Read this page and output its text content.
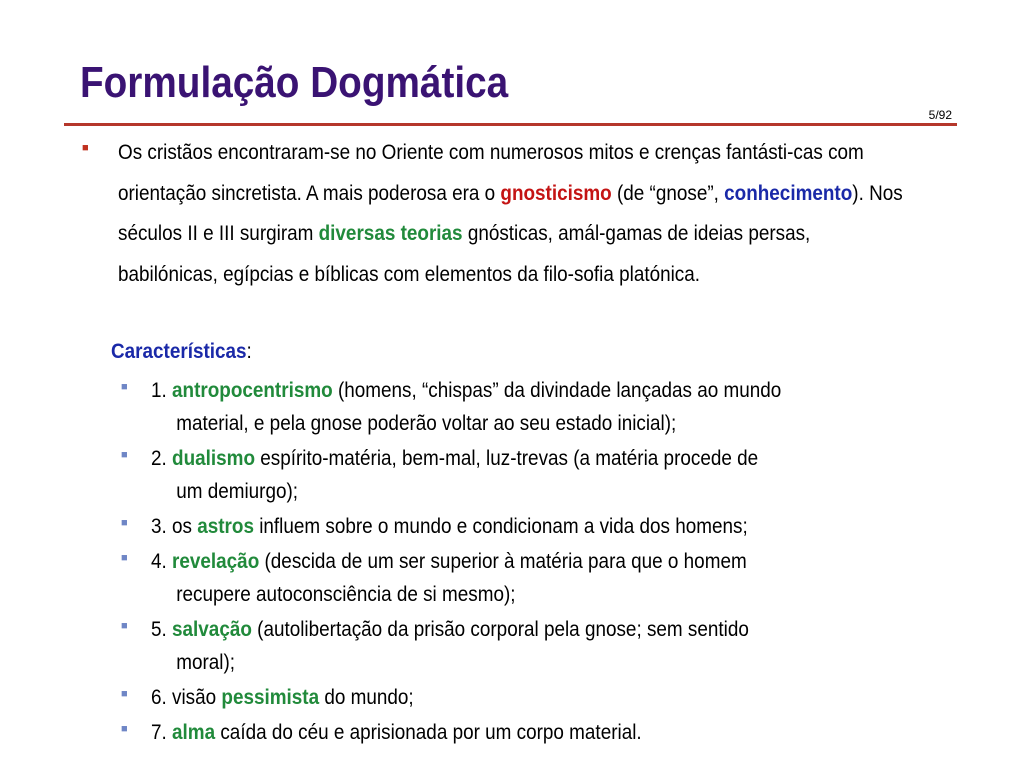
Formulação Dogmática
5/92
■ Os cristãos encontraram-se no Oriente com numerosos mitos e crenças fantásti-cas com orientação sincretista. A mais poderosa era o gnosticismo (de “gnose”, conhecimento). Nos séculos II e III surgiram diversas teorias gnósticas, amál-gamas de ideias persas, babilónicas, egípcias e bíblicas com elementos da filo-sofia platónica.

Características:

■ 1. antropocentrismo (homens, “chispas” da divindade lançadas ao mundo
material, e pela gnose poderão voltar ao seu estado inicial);
■ 2. dualismo espírito-matéria, bem-mal, luz-trevas (a matéria procede de
um demiurgo);
■ 3. os astros influem sobre o mundo e condicionam a vida dos homens;
■ 4. revelação (descida de um ser superior à matéria para que o homem
recupere autoconsciência de si mesmo);
■ 5. salvação (autolibertação da prisão corporal pela gnose; sem sentido
moral);
■ 6. visão pessimista do mundo;
■ 7. alma caída do céu e aprisionada por um corpo material.
